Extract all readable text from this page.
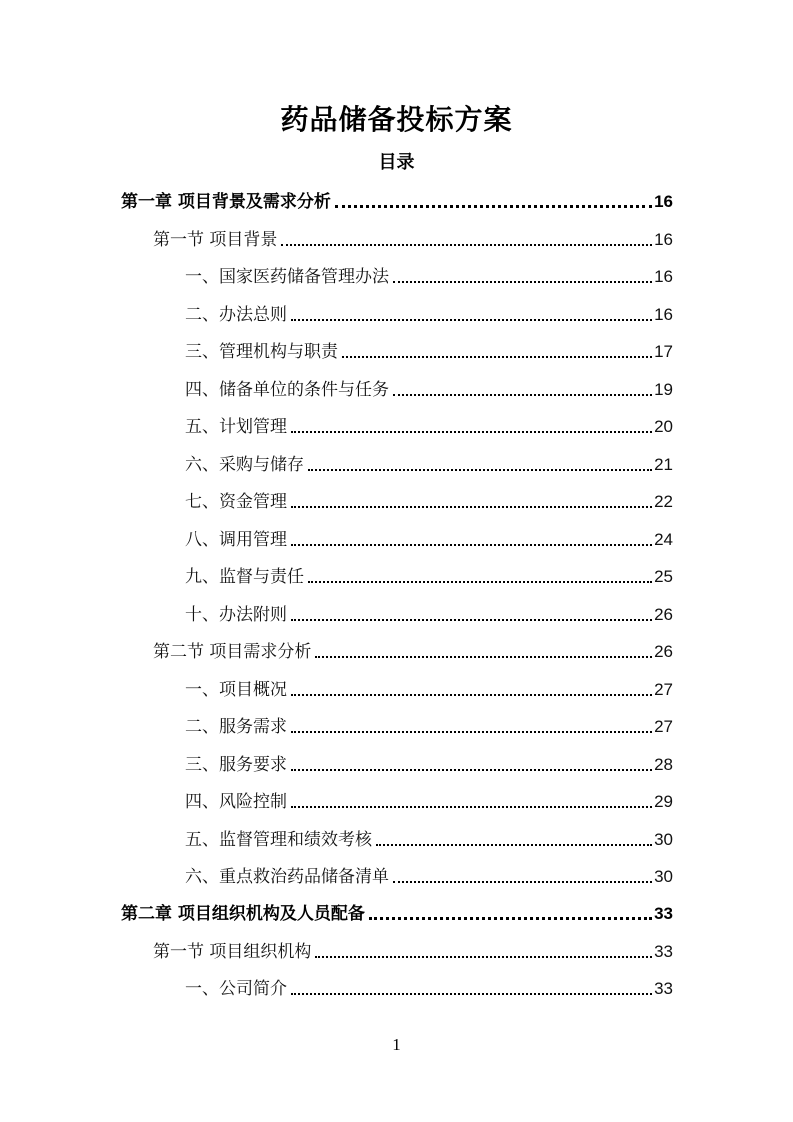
药品储备投标方案
目录
第一章 项目背景及需求分析	16
第一节 项目背景	16
一、国家医药储备管理办法	16
二、办法总则	16
三、管理机构与职责	17
四、储备单位的条件与任务	19
五、计划管理	20
六、采购与储存	21
七、资金管理	22
八、调用管理	24
九、监督与责任	25
十、办法附则	26
第二节 项目需求分析	26
一、项目概况	27
二、服务需求	27
三、服务要求	28
四、风险控制	29
五、监督管理和绩效考核	30
六、重点救治药品储备清单	30
第二章 项目组织机构及人员配备	33
第一节 项目组织机构	33
一、公司简介	33
1
